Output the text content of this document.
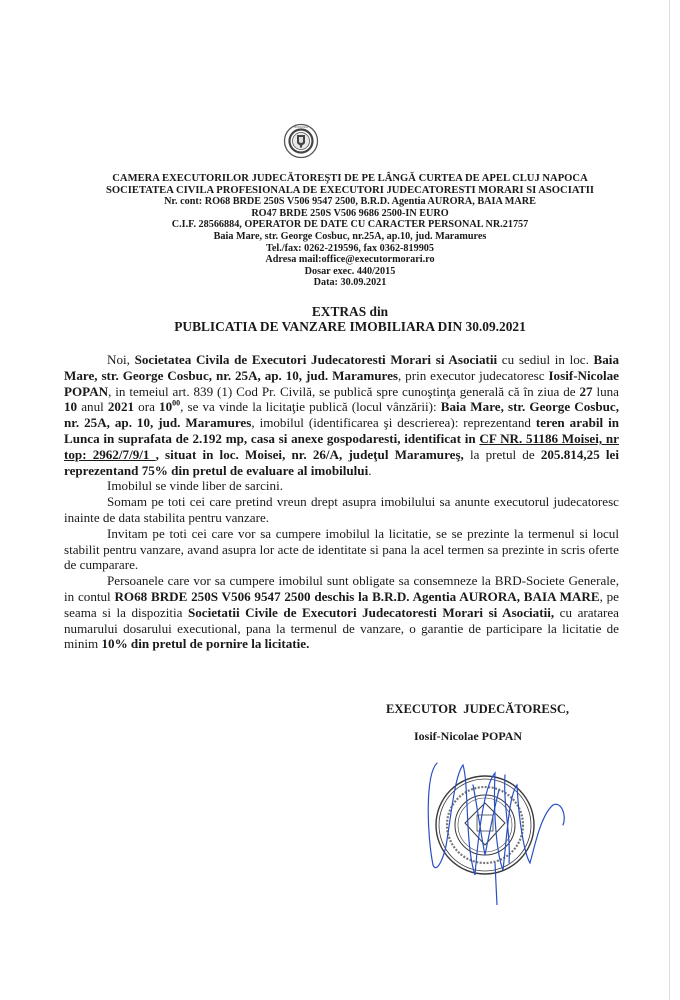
ROMANIA
CAMERA EXECUTORILOR JUDECĂTOREŞTI DE PE LÂNGĂ CURTEA DE APEL CLUJ NAPOCA
SOCIETATEA CIVILA PROFESIONALA DE EXECUTORI JUDECATORESTI MORARI SI ASOCIATII
Nr. cont: RO68 BRDE 250S V506 9547 2500, B.R.D. Agentia AURORA, BAIA MARE
RO47 BRDE 250S V506 9686 2500-IN EURO
C.I.F. 28566884, OPERATOR DE DATE CU CARACTER PERSONAL NR.21757
Baia Mare, str. George Cosbuc, nr.25A, ap.10, jud. Maramures
Tel./fax: 0262-219596, fax 0362-819905
Adresa mail:office@executormorari.ro
Dosar exec. 440/2015
Data: 30.09.2021
EXTRAS din
PUBLICATIA DE VANZARE IMOBILIARA DIN 30.09.2021

Noi, Societatea Civila de Executori Judecatoresti Morari si Asociatii cu sediul in loc. Baia Mare, str. George Cosbuc, nr. 25A, ap. 10, jud. Maramures, prin executor judecatoresc Iosif-Nicolae POPAN, in temeiul art. 839 (1) Cod Pr. Civilă, se publică spre cunoştinţa generală că în ziua de 27 luna 10 anul 2021 ora $10^{00}$, se va vinde la licitaţie publică (locul vânzării): Baia Mare, str. George Cosbuc, nr. 25A, ap. 10, jud. Maramures, imobilul (identificarea şi descrierea): reprezentand teren arabil in Lunca in suprafata de 2.192 mp, casa si anexe gospodaresti, identificat in CF NR. 51186 Moisei, nr top: 2962/7/9/1 , situat in loc. Moisei, nr. 26/A, judeţul Maramureş, la pretul de 205.814,25 lei reprezentand 75% din pretul de evaluare al imobilului.

Imobilul se vinde liber de sarcini.

Somam pe toti cei care pretind vreun drept asupra imobilului sa anunte executorul judecatoresc inainte de data stabilita pentru vanzare.

Invitam pe toti cei care vor sa cumpere imobilul la licitatie, se se prezinte la termenul si locul stabilit pentru vanzare, avand asupra lor acte de identitate si pana la acel termen sa prezinte in scris oferte de cumparare.

Persoanele care vor sa cumpere imobilul sunt obligate sa consemneze la BRD-Societe Generale, in contul RO68 BRDE 250S V506 9547 2500 deschis la B.R.D. Agentia AURORA, BAIA MARE, pe seama si la dispozitia Societatii Civile de Executori Judecatoresti Morari si Asociatii, cu aratarea numarului dosarului executional, pana la termenul de vanzare, o garantie de participare la licitatie de minim 10% din pretul de pornire la licitatie.

EXECUTOR JUDECĂTORESC,
Iosif-Nicolae POPAN
